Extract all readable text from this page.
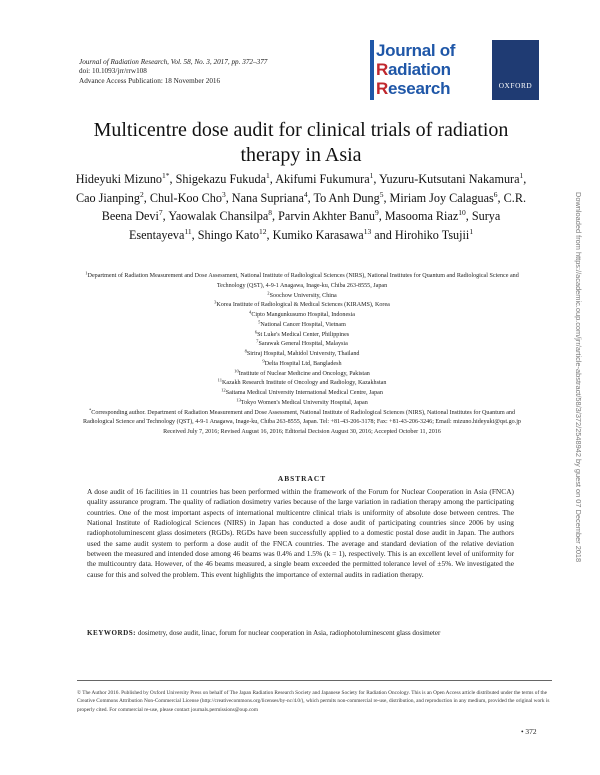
Journal of Radiation Research, Vol. 58, No. 3, 2017, pp. 372–377
doi: 10.1093/jrr/rrw108
Advance Access Publication: 18 November 2016
Journal of
Radiation
Research	OXFORD
Multicentre dose audit for clinical trials of radiation therapy in Asia
Hideyuki Mizuno$^{1*}$, Shigekazu Fukuda$^1$, Akifumi Fukumura$^1$, Yuzuru-Kutsutani Nakamura$^1$, Cao Jianping$^2$, Chul-Koo Cho$^3$, Nana Supriana$^4$, To Anh Dung$^5$, Miriam Joy Calaguas$^6$, C.R. Beena Devi$^7$, Yaowalak Chansilpa$^8$, Parvin Akhter Banu$^9$, Masooma Riaz$^{10}$, Surya Esentayeva$^{11}$, Shingo Kato$^{12}$, Kumiko Karasawa$^{13}$ and Hirohiko Tsujii$^1$
$^1$Department of Radiation Measurement and Dose Assessment, National Institute of Radiological Sciences (NIRS), National Institutes for Quantum and Radiological Science and Technology (QST), 4-9-1 Anagawa, Inage-ku, Chiba 263-8555, Japan
$^2$Soochow University, China
$^3$Korea Institute of Radiological & Medical Sciences (KIRAMS), Korea
$^4$Cipto Mangunkusumo Hospital, Indonesia
$^5$National Cancer Hospital, Vietnam
$^6$St Luke's Medical Center, Philippines
$^7$Sarawak General Hospital, Malaysia
$^8$Siriraj Hospital, Mahidol University, Thailand
$^9$Delta Hospital Ltd, Bangladesh
$^{10}$Institute of Nuclear Medicine and Oncology, Pakistan
$^{11}$Kazakh Research Institute of Oncology and Radiology, Kazakhstan
$^{12}$Saitama Medical University International Medical Centre, Japan
$^{13}$Tokyo Women's Medical University Hospital, Japan
*Corresponding author. Department of Radiation Measurement and Dose Assessment, National Institute of Radiological Sciences (NIRS), National Institutes for Quantum and Radiological Science and Technology (QST), 4-9-1 Anagawa, Inage-ku, Chiba 263-8555, Japan. Tel: +81-43-206-3178; Fax: +81-43-206-3246; Email: mizuno.hideyuki@qst.go.jp
Received July 7, 2016; Revised August 16, 2016; Editorial Decision August 30, 2016; Accepted October 11, 2016
ABSTRACT
A dose audit of 16 facilities in 11 countries has been performed within the framework of the Forum for Nuclear Cooperation in Asia (FNCA) quality assurance program. The quality of radiation dosimetry varies because of the large variation in radiation therapy among the participating countries. One of the most important aspects of international multicentre clinical trials is uniformity of absolute dose between centres. The National Institute of Radiological Sciences (NIRS) in Japan has conducted a dose audit of participating countries since 2006 by using radiophotoluminescent glass dosimeters (RGDs). RGDs have been successfully applied to a domestic postal dose audit in Japan. The authors used the same audit system to perform a dose audit of the FNCA countries. The average and standard deviation of the relative deviation between the measured and intended dose among 46 beams was 0.4% and 1.5% (k = 1), respectively. This is an excellent level of uniformity for the multicountry data. However, of the 46 beams measured, a single beam exceeded the permitted tolerance level of ±5%. We investigated the cause for this and solved the problem. This event highlights the importance of external audits in radiation therapy.
KEYWORDS: dosimetry, dose audit, linac, forum for nuclear cooperation in Asia, radiophotoluminescent glass dosimeter
© The Author 2016. Published by Oxford University Press on behalf of The Japan Radiation Research Society and Japanese Society for Radiation Oncology. This is an Open Access article distributed under the terms of the Creative Commons Attribution Non-Commercial License (http://creativecommons.org/licenses/by-nc/4.0/), which permits non-commercial re-use, distribution, and reproduction in any medium, provided the original work is properly cited. For commercial re-use, please contact journals.permissions@oup.com
• 372
Downloaded from https://academic.oup.com/jrr/article-abstract/58/3/372/2548942 by guest on 07 December 2018
